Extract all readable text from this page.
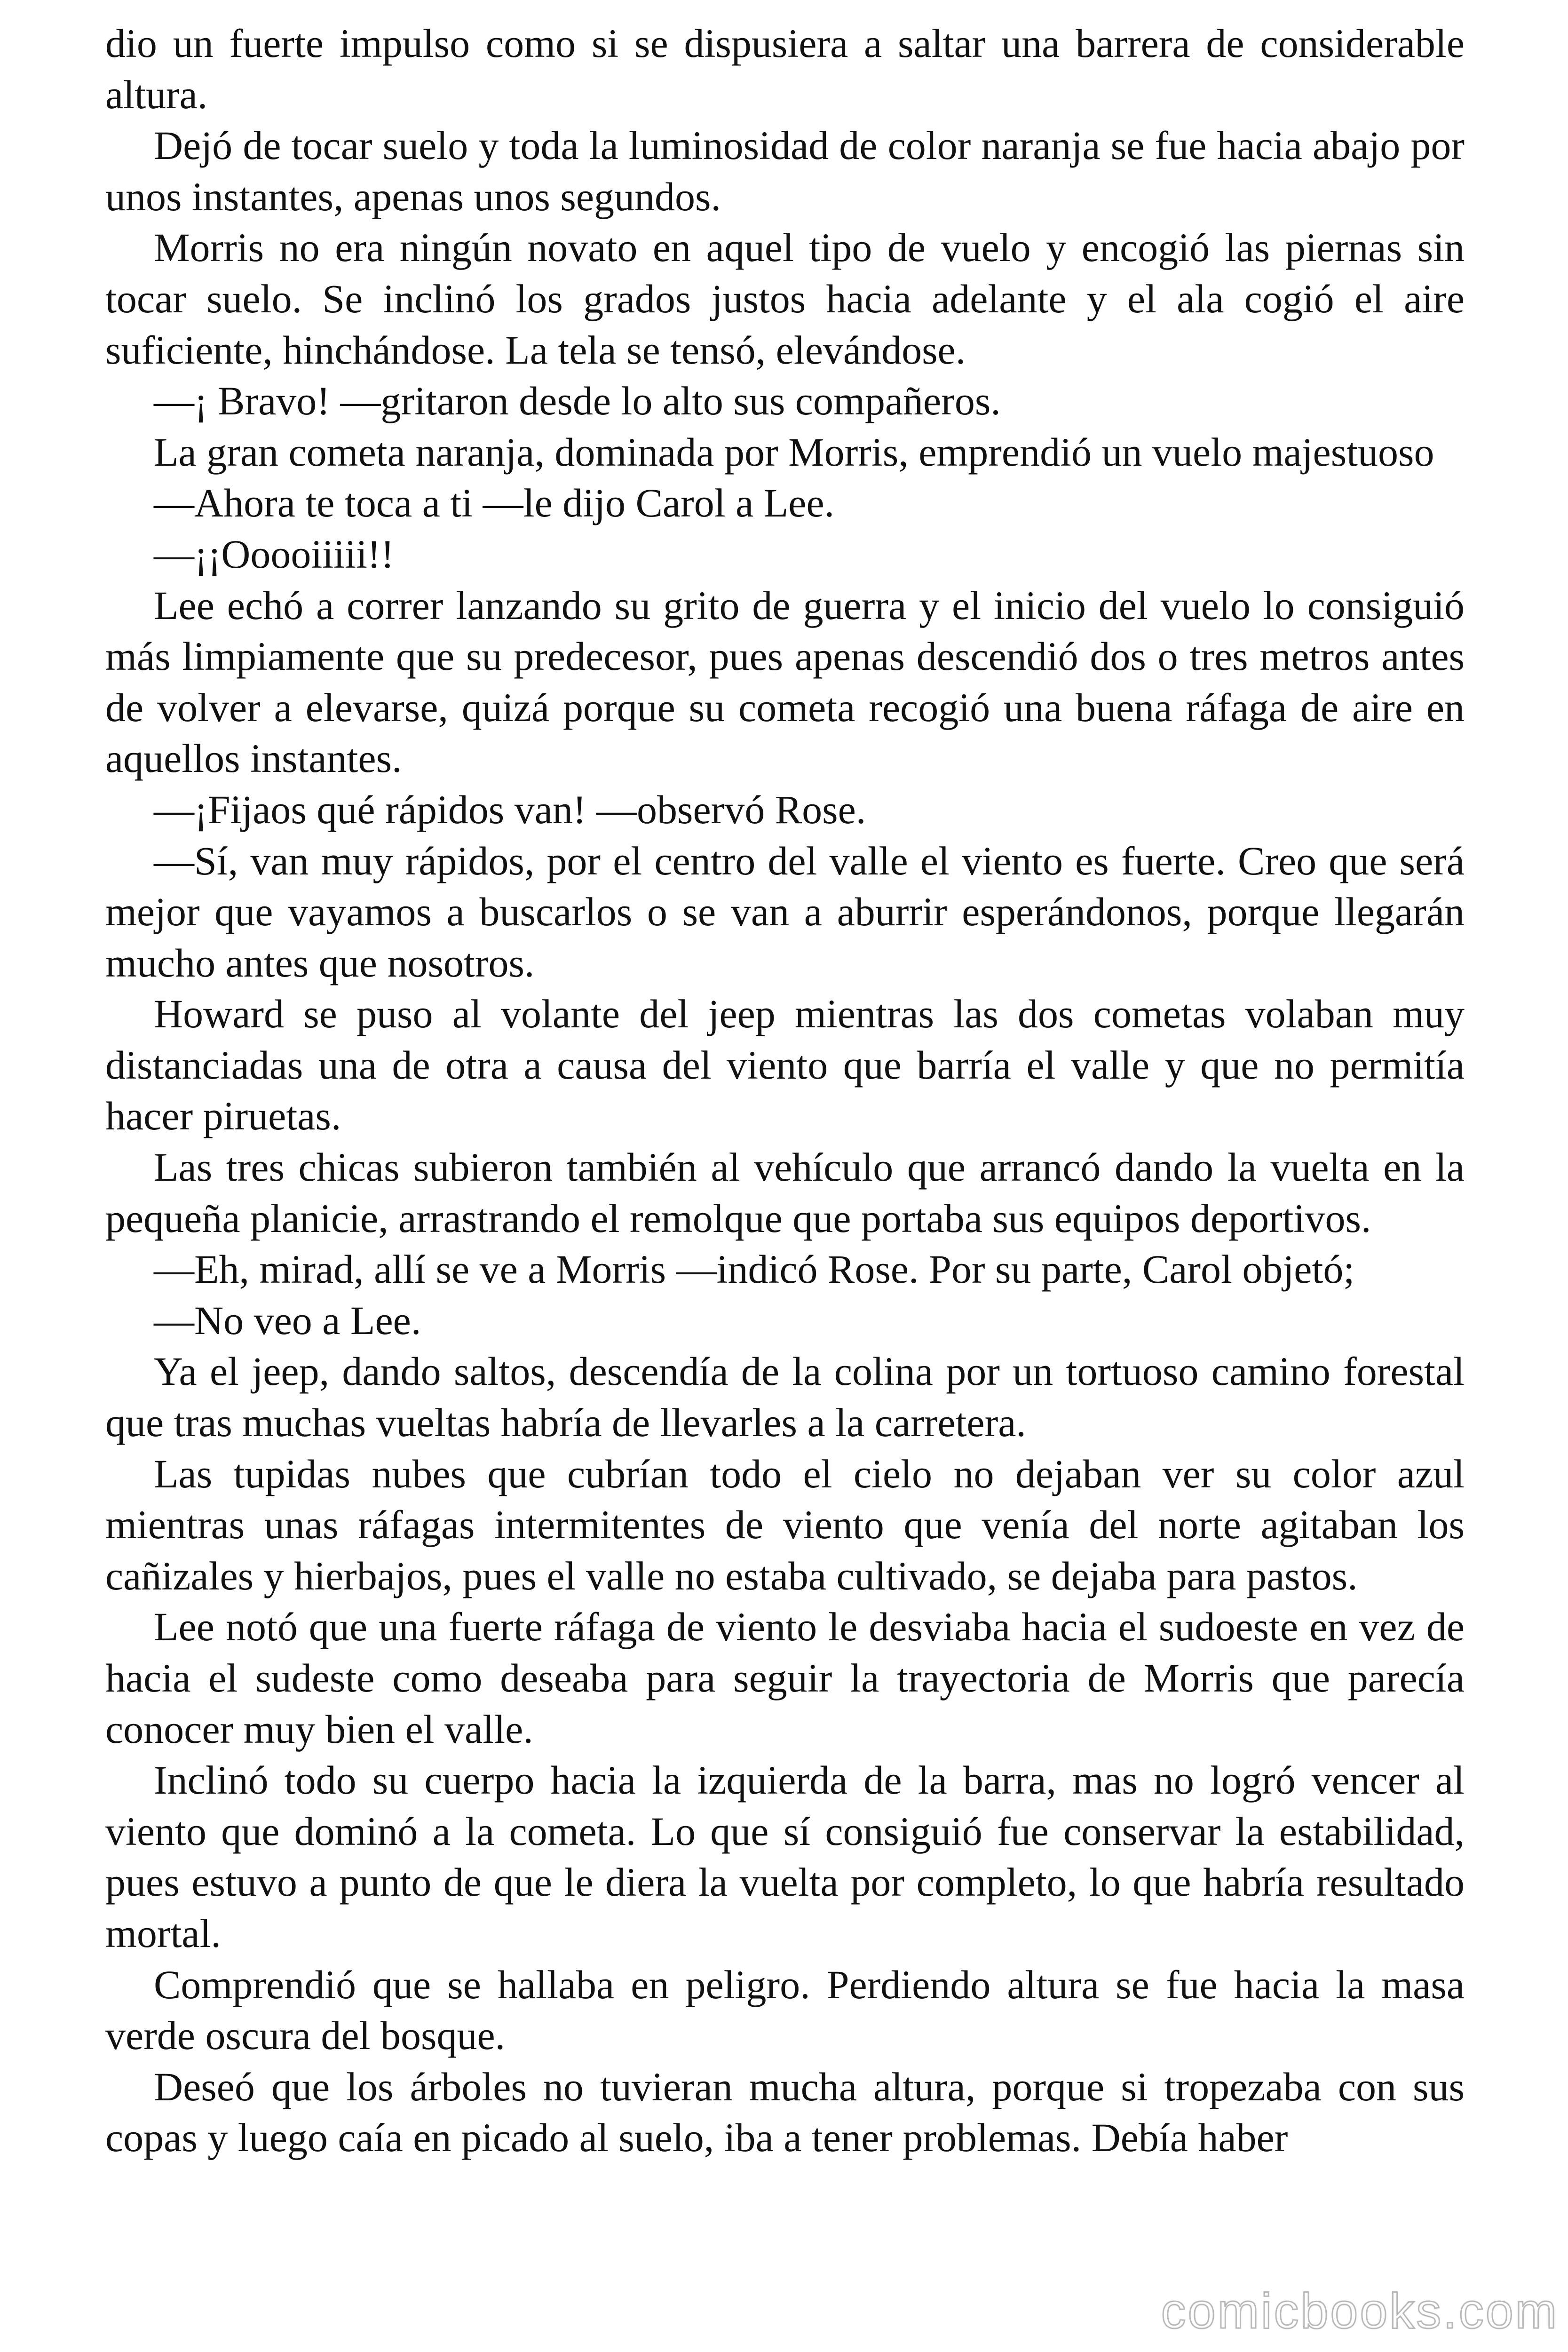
dio un fuerte impulso como si se dispusiera a saltar una barrera de considerable altura.

Dejó de tocar suelo y toda la luminosidad de color naranja se fue hacia abajo por unos instantes, apenas unos segundos.

Morris no era ningún novato en aquel tipo de vuelo y encogió las piernas sin tocar suelo. Se inclinó los grados justos hacia adelante y el ala cogió el aire suficiente, hinchándose. La tela se tensó, elevándose.

—¡ Bravo! —gritaron desde lo alto sus compañeros.

La gran cometa naranja, dominada por Morris, emprendió un vuelo majestuoso

—Ahora te toca a ti —le dijo Carol a Lee.

—¡¡Ooooiiiii!!

Lee echó a correr lanzando su grito de guerra y el inicio del vuelo lo consiguió más limpiamente que su predecesor, pues apenas descendió dos o tres metros antes de volver a elevarse, quizá porque su cometa recogió una buena ráfaga de aire en aquellos instantes.

—¡Fijaos qué rápidos van! —observó Rose.

—Sí, van muy rápidos, por el centro del valle el viento es fuerte. Creo que será mejor que vayamos a buscarlos o se van a aburrir esperándonos, porque llegarán mucho antes que nosotros.

Howard se puso al volante del jeep mientras las dos cometas volaban muy distanciadas una de otra a causa del viento que barría el valle y que no permitía hacer piruetas.

Las tres chicas subieron también al vehículo que arrancó dando la vuelta en la pequeña planicie, arrastrando el remolque que portaba sus equipos deportivos.

—Eh, mirad, allí se ve a Morris —indicó Rose. Por su parte, Carol objetó;

—No veo a Lee.

Ya el jeep, dando saltos, descendía de la colina por un tortuoso camino forestal que tras muchas vueltas habría de llevarles a la carretera.

Las tupidas nubes que cubrían todo el cielo no dejaban ver su color azul mientras unas ráfagas intermitentes de viento que venía del norte agitaban los cañizales y hierbajos, pues el valle no estaba cultivado, se dejaba para pastos.

Lee notó que una fuerte ráfaga de viento le desviaba hacia el sudoeste en vez de hacia el sudeste como deseaba para seguir la trayectoria de Morris que parecía conocer muy bien el valle.

Inclinó todo su cuerpo hacia la izquierda de la barra, mas no logró vencer al viento que dominó a la cometa. Lo que sí consiguió fue conservar la estabilidad, pues estuvo a punto de que le diera la vuelta por completo, lo que habría resultado mortal.

Comprendió que se hallaba en peligro. Perdiendo altura se fue hacia la masa verde oscura del bosque.

Deseó que los árboles no tuvieran mucha altura, porque si tropezaba con sus copas y luego caía en picado al suelo, iba a tener problemas. Debía haber

comicbooks.com
